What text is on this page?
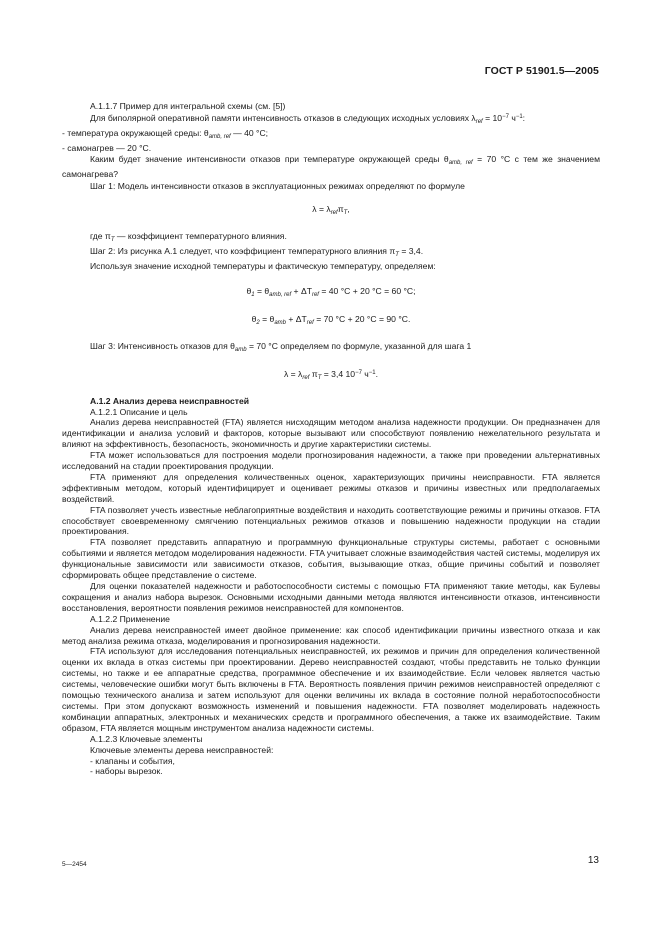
ГОСТ Р 51901.5—2005

А.1.1.7 Пример для интегральной схемы (см. [5])

Для биполярной оперативной памяти интенсивность отказов в следующих исходных условиях $\lambda_{ref} = 10^{-7}$ $ч^{-1}$:

- температура окружающей среды: $\theta_{amb, ref}$ — 40 °С;

- самонагрев — 20 °С.

Каким будет значение интенсивности отказов при температуре окружающей среды $\theta_{amb, ref} = 70$ °С с тем же значением самонагрева?

Шаг 1: Модель интенсивности отказов в эксплуатационных режимах определяют по формуле

$\lambda = \lambda_{ref}\pi_T$,

где $\pi_T$ — коэффициент температурного влияния.

Шаг 2: Из рисунка А.1 следует, что коэффициент температурного влияния $\pi_T = 3,4$.

Используя значение исходной температуры и фактическую температуру, определяем:

$\theta_1 = \theta_{amb, ref} + \Delta T_{ref} = 40$ °С + 20 °С = 60 °С;

$\theta_2 = \theta_{amb} + \Delta T_{ref} = 70$ °С + 20 °С = 90 °С.

Шаг 3: Интенсивность отказов для $\theta_{amb} = 70$ °С определяем по формуле, указанной для шага 1

$\lambda = \lambda_{ref}$ $\pi_T = 3,4$ $10^{-7}$ $ч^{-1}$.

А.1.2 Анализ дерева неисправностей

А.1.2.1 Описание и цель

Анализ дерева неисправностей (FTA) является нисходящим методом анализа надежности продукции. Он предназначен для идентификации и анализа условий и факторов, которые вызывают или способствуют появлению нежелательного результата и влияют на эффективность, безопасность, экономичность и другие характеристики системы.

FTA может использоваться для построения модели прогнозирования надежности, а также при проведении альтернативных исследований на стадии проектирования продукции.

FTA применяют для определения количественных оценок, характеризующих причины неисправности. FTA является эффективным методом, который идентифицирует и оценивает режимы отказов и причины известных или предполагаемых воздействий.

FTA позволяет учесть известные неблагоприятные воздействия и находить соответствующие режимы и причины отказов. FTA способствует своевременному смягчению потенциальных режимов отказов и повышению надежности продукции на стадии проектирования.

FTA позволяет представить аппаратную и программную функциональные структуры системы, работает с основными событиями и является методом моделирования надежности. FTA учитывает сложные взаимодействия частей системы, моделируя их функциональные зависимости или зависимости отказов, события, вызывающие отказ, общие причины событий и позволяет сформировать общее представление о системе.

Для оценки показателей надежности и работоспособности системы с помощью FTA применяют такие методы, как Булевы сокращения и анализ набора вырезок. Основными исходными данными метода являются интенсивности отказов, интенсивности восстановления, вероятности появления режимов неисправностей для компонентов.

А.1.2.2 Применение

Анализ дерева неисправностей имеет двойное применение: как способ идентификации причины известного отказа и как метод анализа режима отказа, моделирования и прогнозирования надежности.

FTA используют для исследования потенциальных неисправностей, их режимов и причин для определения количественной оценки их вклада в отказ системы при проектировании. Дерево неисправностей создают, чтобы представить не только функции системы, но также и ее аппаратные средства, программное обеспечение и их взаимодействие. Если человек является частью системы, человеческие ошибки могут быть включены в FTA. Вероятность появления причин режимов неисправностей определяют с помощью технического анализа и затем используют для оценки величины их вклада в состояние полной неработоспособности системы. При этом допускают возможность изменений и повышения надежности. FTA позволяет моделировать надежность комбинации аппаратных, электронных и механических средств и программного обеспечения, а также их взаимодействие. Таким образом, FTA является мощным инструментом анализа надежности системы.

А.1.2.3 Ключевые элементы

Ключевые элементы дерева неисправностей:

- клапаны и события,

- наборы вырезок.

5—2454	13
